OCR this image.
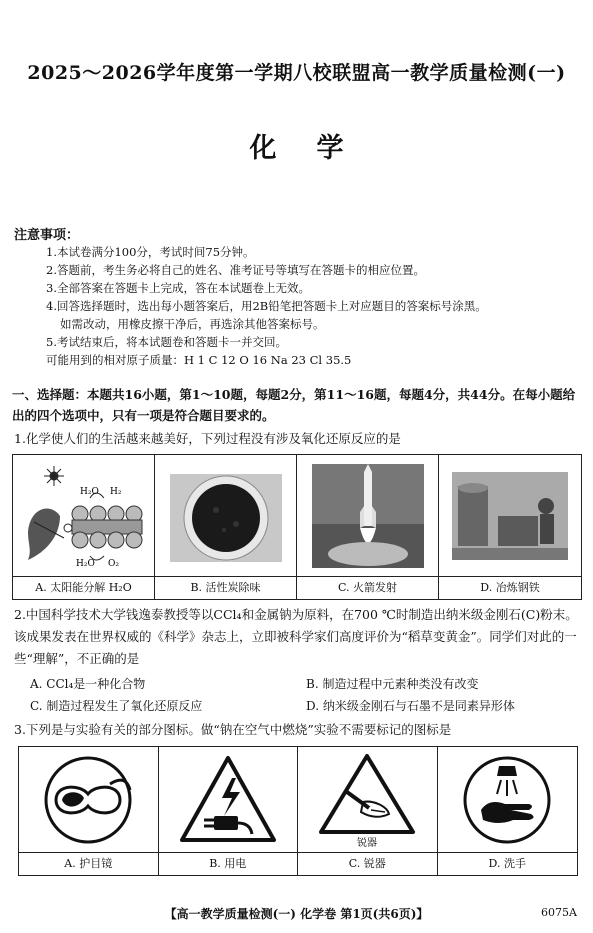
2025～2026学年度第一学期八校联盟高一教学质量检测(一)
化学
注意事项：
1.本试卷满分100分，考试时间75分钟。
2.答题前，考生务必将自己的姓名、准考证号等填写在答题卡的相应位置。
3.全部答案在答题卡上完成，答在本试题卷上无效。
4.回答选择题时，选出每小题答案后，用2B铅笔把答题卡上对应题目的答案标号涂黑。
如需改动，用橡皮擦干净后，再选涂其他答案标号。
5.考试结束后，将本试题卷和答题卡一并交回。
可能用到的相对原子质量：H 1 C 12 O 16 Na 23 Cl 35.5
一、选择题：本题共16小题，第1～10题，每题2分，第11～16题，每题4分，共44分。在每小题给出的四个选项中，只有一项是符合题目要求的。
1.化学使人们的生活越来越美好，下列过程没有涉及氧化还原反应的是
H₂O H₂
H₂O O₂
A. 太阳能分解 H₂O	B. 活性炭除味	C. 火箭发射	D. 冶炼钢铁
2.中国科学技术大学钱逸泰教授等以CCl₄和金属钠为原料，在700 ℃时制造出纳米级金刚石(C)粉末。该成果发表在世界权威的《科学》杂志上，立即被科学家们高度评价为“稻草变黄金”。同学们对此的一些“理解”，不正确的是
A. CCl₄是一种化合物	B. 制造过程中元素种类没有改变
C. 制造过程发生了氧化还原反应	D. 纳米级金刚石与石墨不是同素异形体
3.下列是与实验有关的部分图标。做“钠在空气中燃烧”实验不需要标记的图标是
A. 护目镜	B. 用电
锐器
C. 锐器	D. 洗手
【高一教学质量检测(一) 化学卷 第1页(共6页)】	6075A
